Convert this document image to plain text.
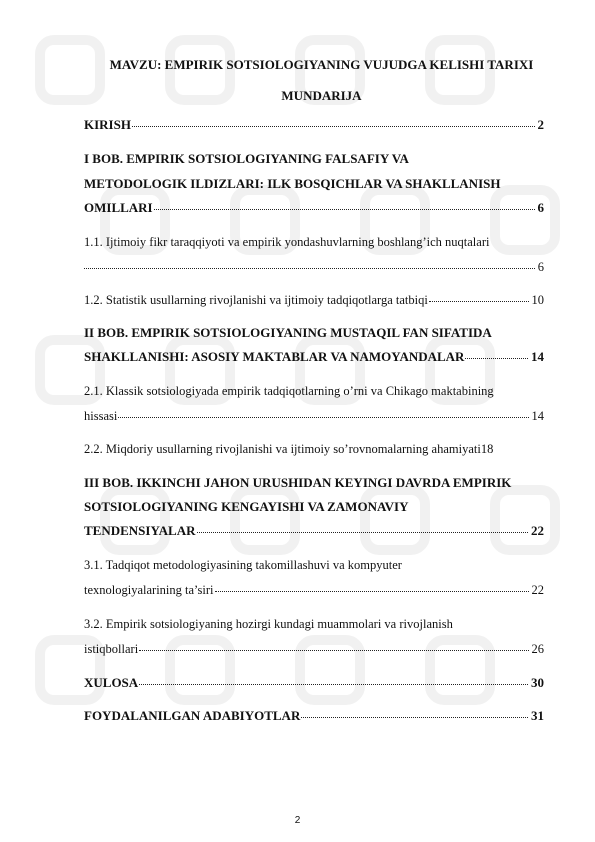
MAVZU: EMPIRIK SOTSIOLOGIYANING VUJUDGA KELISHI TARIXI
MUNDARIJA
KIRISH	2
I BOB. EMPIRIK SOTSIOLOGIYANING FALSAFIY VA
METODOLOGIK ILDIZLARI: ILK BOSQICHLAR VA SHAKLLANISH
OMILLARI	6
1.1. Ijtimoiy fikr taraqqiyoti va empirik yondashuvlarning boshlang’ich nuqtalari
6
1.2. Statistik usullarning rivojlanishi va ijtimoiy tadqiqotlarga tatbiqi	10
II BOB. EMPIRIK SOTSIOLOGIYANING MUSTAQIL FAN SIFATIDA
SHAKLLANISHI: ASOSIY MAKTABLAR VA NAMOYANDALAR	14
2.1. Klassik sotsiologiyada empirik tadqiqotlarning o’rni va Chikago maktabining
hissasi	14
2.2. Miqdoriy usullarning rivojlanishi va ijtimoiy so’rovnomalarning ahamiyati 18
III BOB. IKKINCHI JAHON URUSHIDAN KEYINGI DAVRDA EMPIRIK
SOTSIOLOGIYANING KENGAYISHI VA ZAMONAVIY
TENDENSIYALAR	22
3.1. Tadqiqot metodologiyasining takomillashuvi va kompyuter
texnologiyalarining ta’siri	22
3.2. Empirik sotsiologiyaning hozirgi kundagi muammolari va rivojlanish
istiqbollari	26
XULOSA	30
FOYDALANILGAN ADABIYOTLAR	31
2
